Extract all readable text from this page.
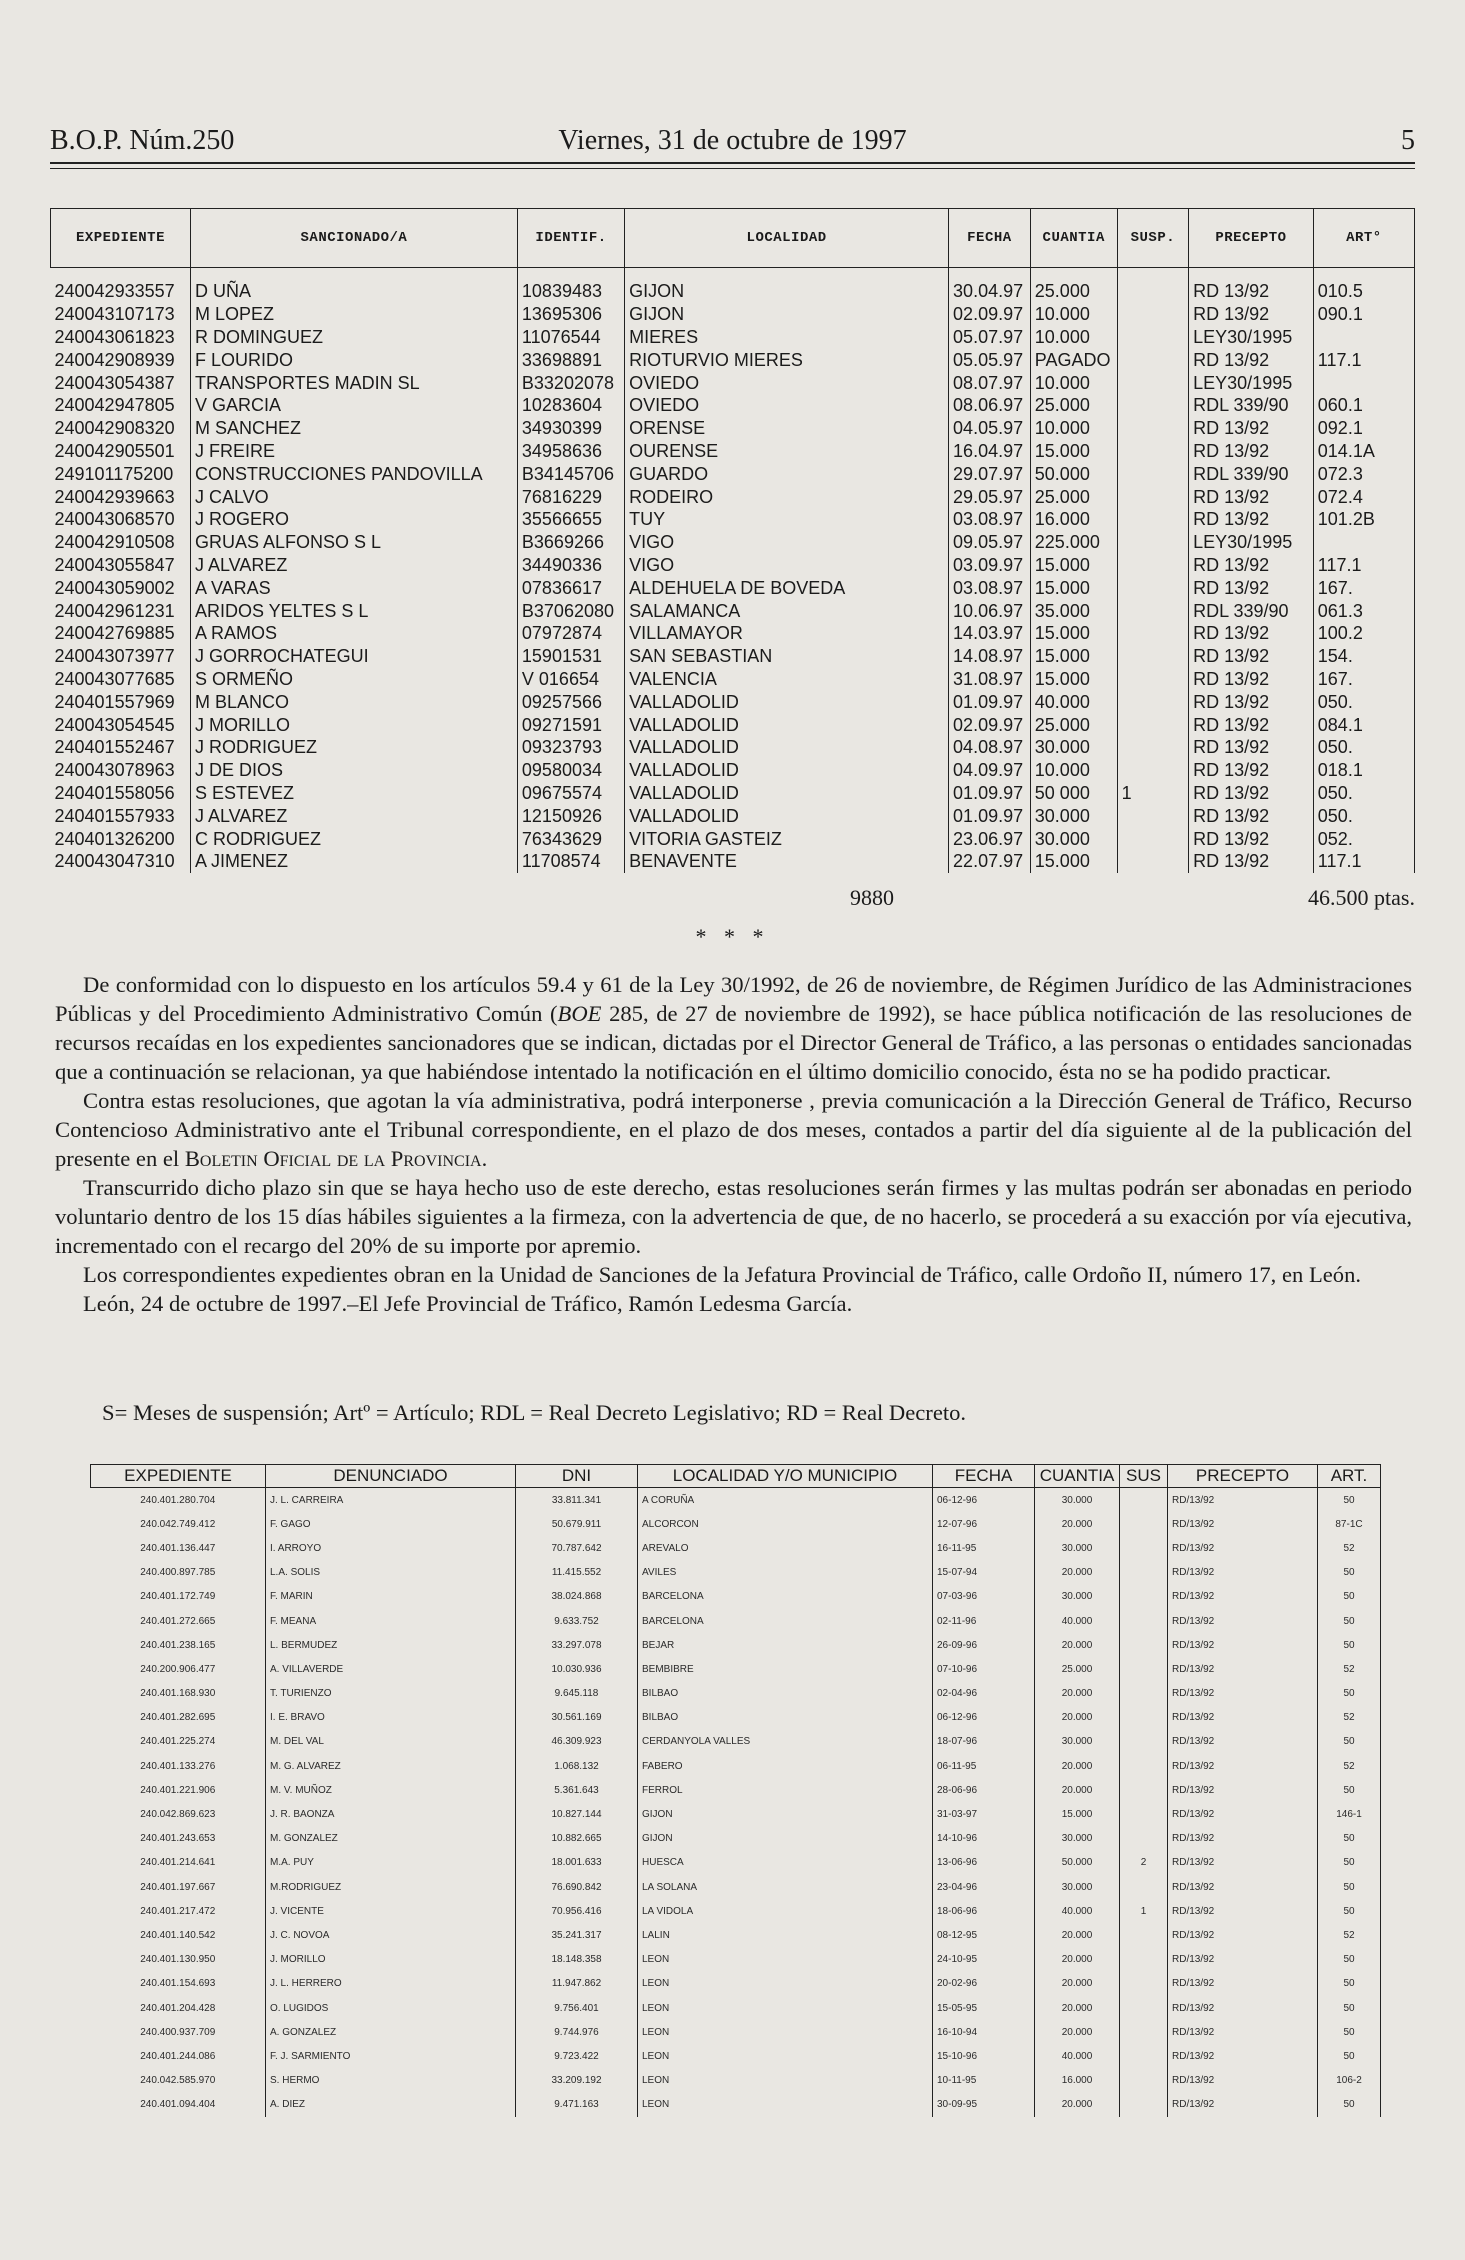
B.O.P. Núm.250	Viernes, 31 de octubre de 1997	5
EXPEDIENTE	SANCIONADO/A	IDENTIF.	LOCALIDAD	FECHA	CUANTIA	SUSP.	PRECEPTO	ART°

240042933557	D UÑA	10839483	GIJON	30.04.97	25.000		RD 13/92	010.5
240043107173	M LOPEZ	13695306	GIJON	02.09.97	10.000		RD 13/92	090.1
240043061823	R DOMINGUEZ	11076544	MIERES	05.07.97	10.000		LEY30/1995	
240042908939	F LOURIDO	33698891	RIOTURVIO MIERES	05.05.97	PAGADO		RD 13/92	117.1
240043054387	TRANSPORTES MADIN SL	B33202078	OVIEDO	08.07.97	10.000		LEY30/1995	
240042947805	V GARCIA	10283604	OVIEDO	08.06.97	25.000		RDL 339/90	060.1
240042908320	M SANCHEZ	34930399	ORENSE	04.05.97	10.000		RD 13/92	092.1
240042905501	J FREIRE	34958636	OURENSE	16.04.97	15.000		RD 13/92	014.1A
249101175200	CONSTRUCCIONES PANDOVILLA	B34145706	GUARDO	29.07.97	50.000		RDL 339/90	072.3
240042939663	J CALVO	76816229	RODEIRO	29.05.97	25.000		RD 13/92	072.4
240043068570	J ROGERO	35566655	TUY	03.08.97	16.000		RD 13/92	101.2B
240042910508	GRUAS ALFONSO S L	B3669266	VIGO	09.05.97	225.000		LEY30/1995	
240043055847	J ALVAREZ	34490336	VIGO	03.09.97	15.000		RD 13/92	117.1
240043059002	A VARAS	07836617	ALDEHUELA DE BOVEDA	03.08.97	15.000		RD 13/92	167.
240042961231	ARIDOS YELTES S L	B37062080	SALAMANCA	10.06.97	35.000		RDL 339/90	061.3
240042769885	A RAMOS	07972874	VILLAMAYOR	14.03.97	15.000		RD 13/92	100.2
240043073977	J GORROCHATEGUI	15901531	SAN SEBASTIAN	14.08.97	15.000		RD 13/92	154.
240043077685	S ORMEÑO	V 016654	VALENCIA	31.08.97	15.000		RD 13/92	167.
240401557969	M BLANCO	09257566	VALLADOLID	01.09.97	40.000		RD 13/92	050.
240043054545	J MORILLO	09271591	VALLADOLID	02.09.97	25.000		RD 13/92	084.1
240401552467	J RODRIGUEZ	09323793	VALLADOLID	04.08.97	30.000		RD 13/92	050.
240043078963	J DE DIOS	09580034	VALLADOLID	04.09.97	10.000		RD 13/92	018.1
240401558056	S ESTEVEZ	09675574	VALLADOLID	01.09.97	50 000	1	RD 13/92	050.
240401557933	J ALVAREZ	12150926	VALLADOLID	01.09.97	30.000		RD 13/92	050.
240401326200	C RODRIGUEZ	76343629	VITORIA GASTEIZ	23.06.97	30.000		RD 13/92	052.
240043047310	A JIMENEZ	11708574	BENAVENTE	22.07.97	15.000		RD 13/92	117.1
9880	46.500 ptas.
* * *

De conformidad con lo dispuesto en los artículos 59.4 y 61 de la Ley 30/1992, de 26 de noviembre, de Régimen Jurídico de las Administraciones Públicas y del Procedimiento Administrativo Común (BOE 285, de 27 de noviembre de 1992), se hace pública notificación de las resoluciones de recursos recaídas en los expedientes sancionadores que se indican, dictadas por el Director General de Tráfico, a las personas o entidades sancionadas que a continuación se relacionan, ya que habiéndose intentado la notificación en el último domicilio conocido, ésta no se ha podido practicar.

Contra estas resoluciones, que agotan la vía administrativa, podrá interponerse , previa comunicación a la Dirección General de Tráfico, Recurso Contencioso Administrativo ante el Tribunal correspondiente, en el plazo de dos meses, contados a partir del día siguiente al de la publicación del presente en el Boletin Oficial de la Provincia.

Transcurrido dicho plazo sin que se haya hecho uso de este derecho, estas resoluciones serán firmes y las multas podrán ser abonadas en periodo voluntario dentro de los 15 días hábiles siguientes a la firmeza, con la advertencia de que, de no hacerlo, se procederá a su exacción por vía ejecutiva, incrementado con el recargo del 20% de su importe por apremio.

Los correspondientes expedientes obran en la Unidad de Sanciones de la Jefatura Provincial de Tráfico, calle Ordoño II, número 17, en León.

León, 24 de octubre de 1997.–El Jefe Provincial de Tráfico, Ramón Ledesma García.

S= Meses de suspensión; Artº = Artículo; RDL = Real Decreto Legislativo; RD = Real Decreto.
EXPEDIENTE	DENUNCIADO	DNI	LOCALIDAD Y/O MUNICIPIO	FECHA	CUANTIA	SUS	PRECEPTO	ART.
240.401.280.704	J. L. CARREIRA	33.811.341	A CORUÑA	06-12-96	30.000		RD/13/92	50
240.042.749.412	F. GAGO	50.679.911	ALCORCON	12-07-96	20.000		RD/13/92	87-1C
240.401.136.447	I. ARROYO	70.787.642	AREVALO	16-11-95	30.000		RD/13/92	52
240.400.897.785	L.A. SOLIS	11.415.552	AVILES	15-07-94	20.000		RD/13/92	50
240.401.172.749	F. MARIN	38.024.868	BARCELONA	07-03-96	30.000		RD/13/92	50
240.401.272.665	F. MEANA	9.633.752	BARCELONA	02-11-96	40.000		RD/13/92	50
240.401.238.165	L. BERMUDEZ	33.297.078	BEJAR	26-09-96	20.000		RD/13/92	50
240.200.906.477	A. VILLAVERDE	10.030.936	BEMBIBRE	07-10-96	25.000		RD/13/92	52
240.401.168.930	T. TURIENZO	9.645.118	BILBAO	02-04-96	20.000		RD/13/92	50
240.401.282.695	I. E. BRAVO	30.561.169	BILBAO	06-12-96	20.000		RD/13/92	52
240.401.225.274	M. DEL VAL	46.309.923	CERDANYOLA VALLES	18-07-96	30.000		RD/13/92	50
240.401.133.276	M. G. ALVAREZ	1.068.132	FABERO	06-11-95	20.000		RD/13/92	52
240.401.221.906	M. V. MUÑOZ	5.361.643	FERROL	28-06-96	20.000		RD/13/92	50
240.042.869.623	J. R. BAONZA	10.827.144	GIJON	31-03-97	15.000		RD/13/92	146-1
240.401.243.653	M. GONZALEZ	10.882.665	GIJON	14-10-96	30.000		RD/13/92	50
240.401.214.641	M.A. PUY	18.001.633	HUESCA	13-06-96	50.000	2	RD/13/92	50
240.401.197.667	M.RODRIGUEZ	76.690.842	LA SOLANA	23-04-96	30.000		RD/13/92	50
240.401.217.472	J. VICENTE	70.956.416	LA VIDOLA	18-06-96	40.000	1	RD/13/92	50
240.401.140.542	J. C. NOVOA	35.241.317	LALIN	08-12-95	20.000		RD/13/92	52
240.401.130.950	J. MORILLO	18.148.358	LEON	24-10-95	20.000		RD/13/92	50
240.401.154.693	J. L. HERRERO	11.947.862	LEON	20-02-96	20.000		RD/13/92	50
240.401.204.428	O. LUGIDOS	9.756.401	LEON	15-05-95	20.000		RD/13/92	50
240.400.937.709	A. GONZALEZ	9.744.976	LEON	16-10-94	20.000		RD/13/92	50
240.401.244.086	F. J. SARMIENTO	9.723.422	LEON	15-10-96	40.000		RD/13/92	50
240.042.585.970	S. HERMO	33.209.192	LEON	10-11-95	16.000		RD/13/92	106-2
240.401.094.404	A. DIEZ	9.471.163	LEON	30-09-95	20.000		RD/13/92	50
